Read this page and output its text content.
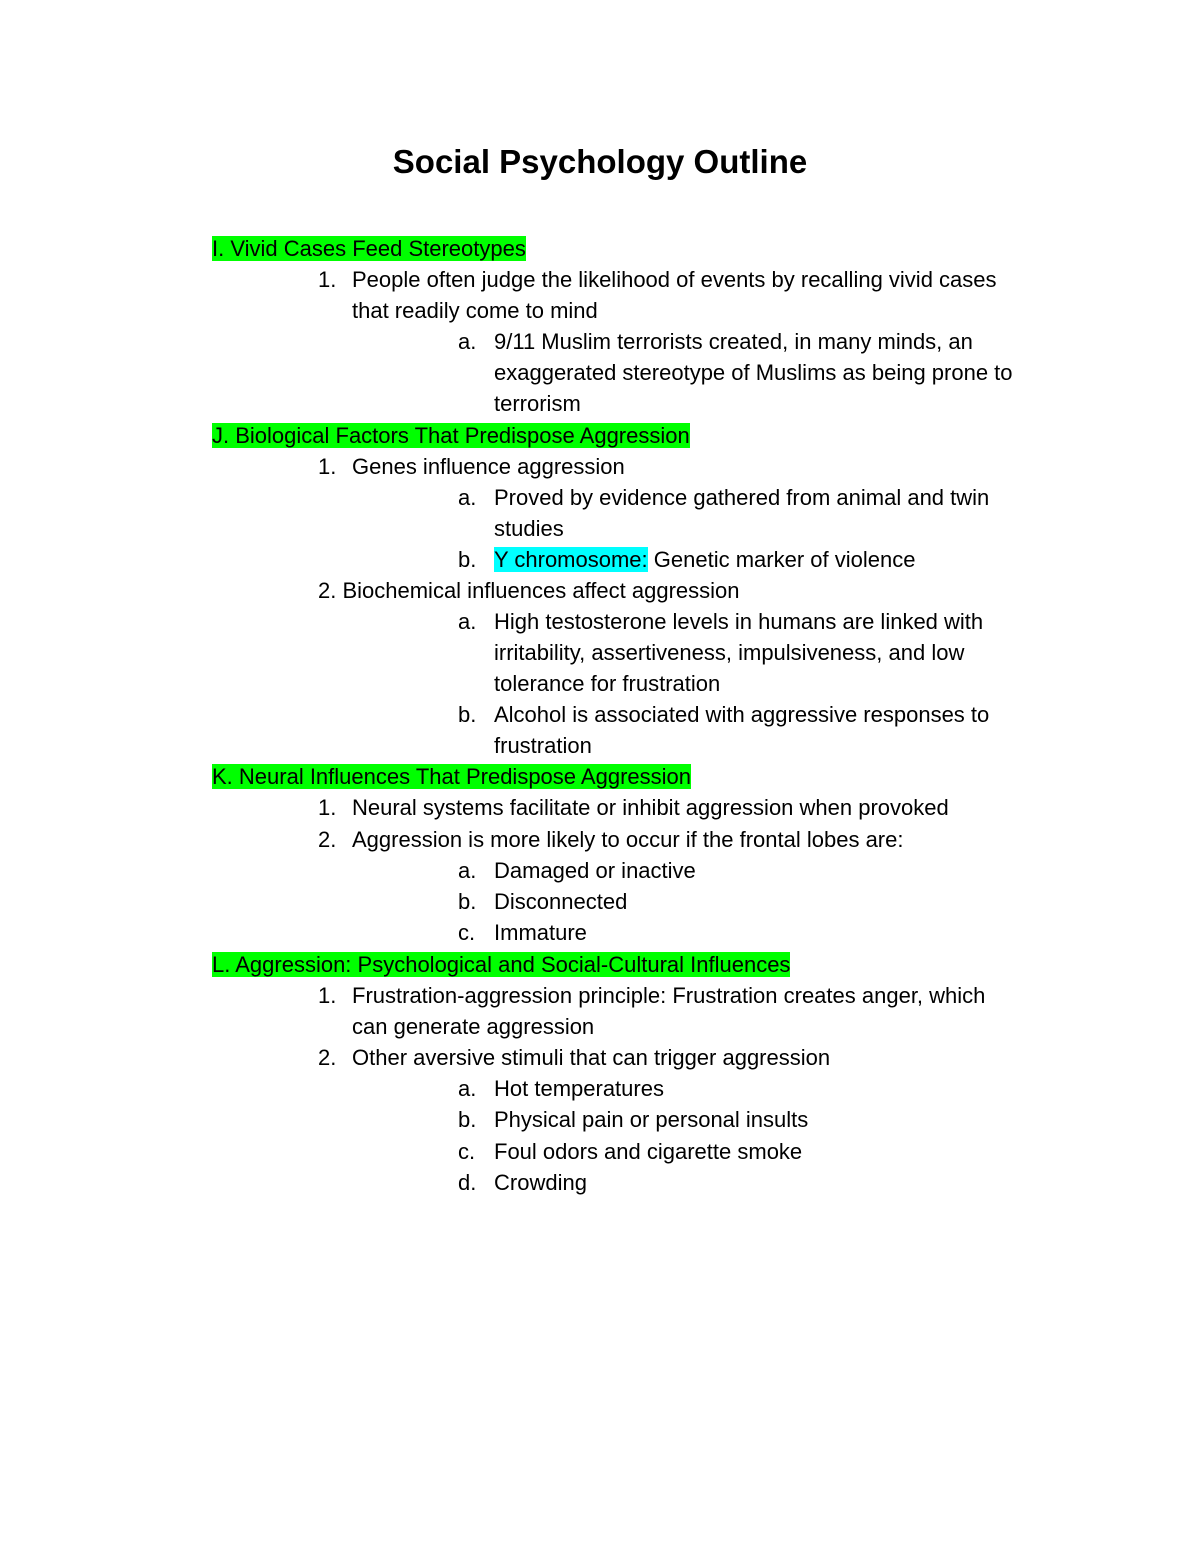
Social Psychology Outline
I. Vivid Cases Feed Stereotypes
1. People often judge the likelihood of events by recalling vivid cases
that readily come to mind
a. 9/11 Muslim terrorists created, in many minds, an
exaggerated stereotype of Muslims as being prone to
terrorism
J. Biological Factors That Predispose Aggression
1. Genes influence aggression
a. Proved by evidence gathered from animal and twin
studies
b. Y chromosome: Genetic marker of violence
2. Biochemical influences affect aggression
a. High testosterone levels in humans are linked with
irritability, assertiveness, impulsiveness, and low
tolerance for frustration
b. Alcohol is associated with aggressive responses to
frustration
K. Neural Influences That Predispose Aggression
1. Neural systems facilitate or inhibit aggression when provoked
2. Aggression is more likely to occur if the frontal lobes are:
a. Damaged or inactive
b. Disconnected
c. Immature
L. Aggression: Psychological and Social-Cultural Influences
1. Frustration-aggression principle: Frustration creates anger, which
can generate aggression
2. Other aversive stimuli that can trigger aggression
a. Hot temperatures
b. Physical pain or personal insults
c. Foul odors and cigarette smoke
d. Crowding
